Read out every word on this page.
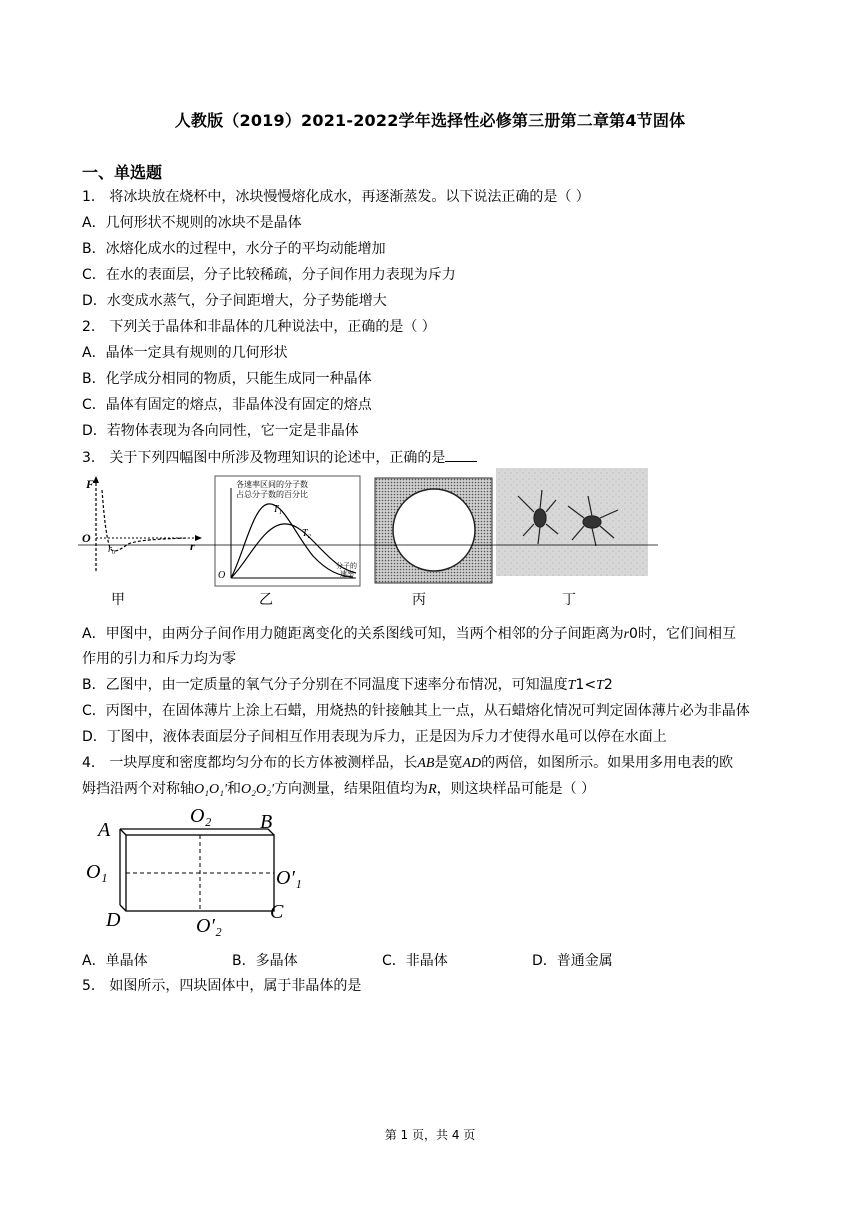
人教版（2019）2021-2022学年选择性必修第三册第二章第4节固体
一、单选题
1． 将冰块放在烧杯中，冰块慢慢熔化成水，再逐渐蒸发。以下说法正确的是（ ）
A．几何形状不规则的冰块不是晶体
B．冰熔化成水的过程中，水分子的平均动能增加
C．在水的表面层，分子比较稀疏，分子间作用力表现为斥力
D．水变成水蒸气，分子间距增大，分子势能增大
2． 下列关于晶体和非晶体的几种说法中，正确的是（ ）
A．晶体一定具有规则的几何形状
B．化学成分相同的物质，只能生成同一种晶体
C．晶体有固定的熔点，非晶体没有固定的熔点
D．若物体表现为各向同性，它一定是非晶体
3． 关于下列四幅图中所涉及物理知识的论述中，正确的是
F
O
r
r₀
各速率区间的分子数
占总分子数的百分比
T₁
T₂
O
分子的
速率
甲	乙	丙	丁
A．甲图中，由两分子间作用力随距离变化的关系图线可知，当两个相邻的分子间距离为r0时，它们间相互
作用的引力和斥力均为零
B．乙图中，由一定质量的氧气分子分别在不同温度下速率分布情况，可知温度T1<T2
C．丙图中，在固体薄片上涂上石蜡，用烧热的针接触其上一点，从石蜡熔化情况可判定固体薄片必为非晶体
D．丁图中，液体表面层分子间相互作用表现为斥力，正是因为斥力才使得水黾可以停在水面上
4． 一块厚度和密度都均匀分布的长方体被测样品，长AB是宽AD的两倍，如图所示。如果用多用电表的欧
姆挡沿两个对称轴O₁O₁′和O₂O₂′方向测量，结果阻值均为R，则这块样品可能是（ ）
A	B
C
D
O₂
O₁	O′₁
O′₂
A．单晶体	B．多晶体	C．非晶体	D．普通金属
5． 如图所示，四块固体中，属于非晶体的是
第 1 页，共 4 页
